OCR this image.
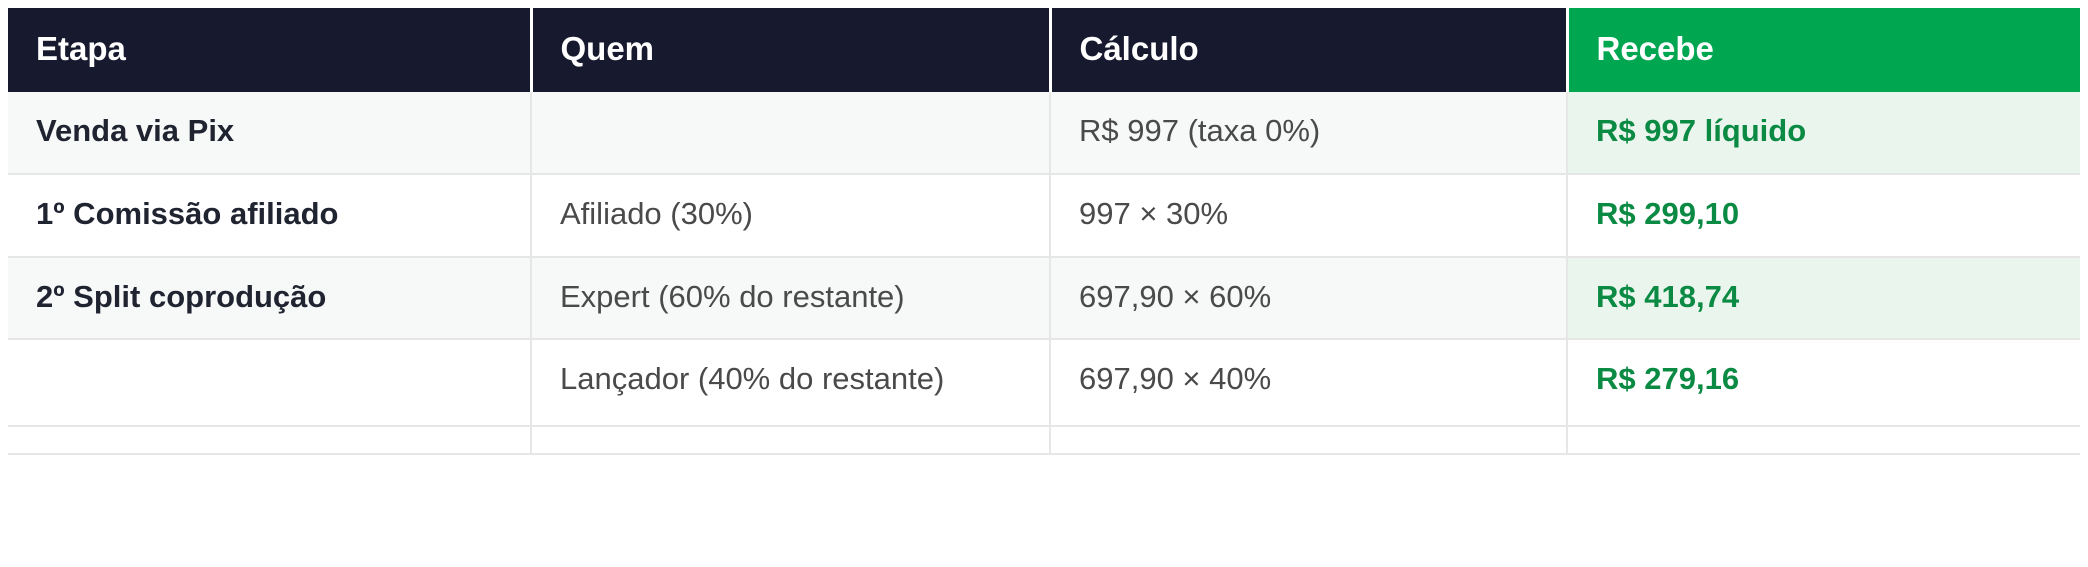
Etapa	Quem	Cálculo	Recebe
Venda via Pix		R$ 997 (taxa 0%)	R$ 997 líquido
1º Comissão afiliado	Afiliado (30%)	997 × 30%	R$ 299,10
2º Split coprodução	Expert (60% do restante)	697,90 × 60%	R$ 418,74
	Lançador (40% do restante)	697,90 × 40%	R$ 279,16
